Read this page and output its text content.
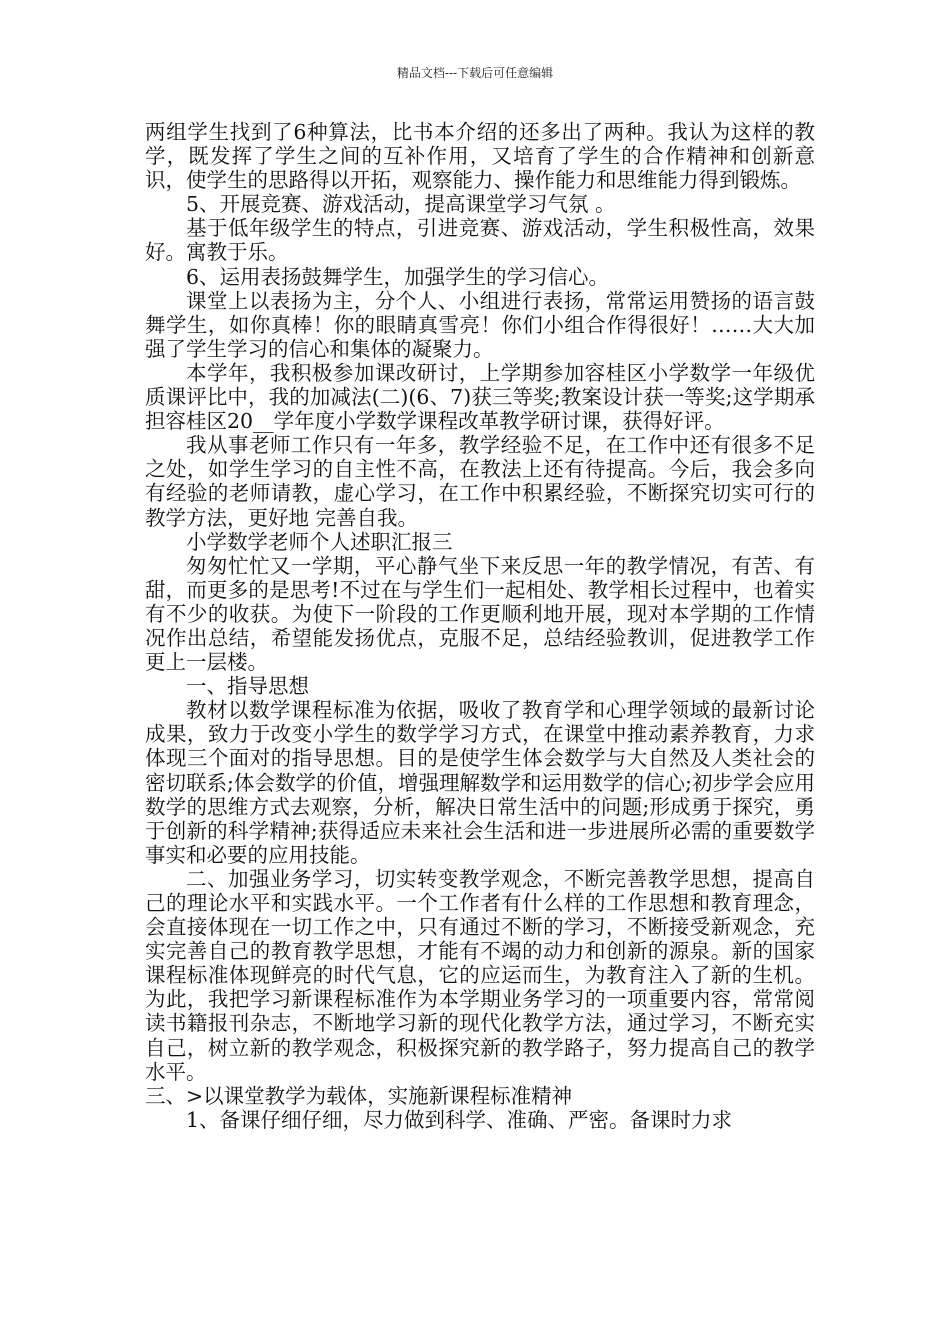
精品文档---下载后可任意编辑

两组学生找到了6种算法，比书本介绍的还多出了两种。我认为这样的教学，既发挥了学生之间的互补作用，又培育了学生的合作精神和创新意识，使学生的思路得以开拓，观察能力、操作能力和思维能力得到锻炼。

5、开展竞赛、游戏活动，提高课堂学习气氛 。

基于低年级学生的特点，引进竞赛、游戏活动，学生积极性高，效果好。寓教于乐。

6、运用表扬鼓舞学生，加强学生的学习信心。

课堂上以表扬为主，分个人、小组进行表扬，常常运用赞扬的语言鼓舞学生，如你真棒！你的眼睛真雪亮！你们小组合作得很好！……大大加强了学生学习的信心和集体的凝聚力。

本学年，我积极参加课改研讨，上学期参加容桂区小学数学一年级优质课评比中，我的加减法(二)(6、7)获三等奖;教案设计获一等奖;这学期承担容桂区20__学年度小学数学课程改革教学研讨课，获得好评。

我从事老师工作只有一年多，教学经验不足，在工作中还有很多不足之处，如学生学习的自主性不高，在教法上还有待提高。今后，我会多向有经验的老师请教，虚心学习，在工作中积累经验，不断探究切实可行的教学方法，更好地 完善自我。

小学数学老师个人述职汇报三

匆匆忙忙又一学期，平心静气坐下来反思一年的教学情况，有苦、有甜，而更多的是思考!不过在与学生们一起相处、教学相长过程中，也着实有不少的收获。为使下一阶段的工作更顺利地开展，现对本学期的工作情况作出总结，希望能发扬优点，克服不足，总结经验教训，促进教学工作更上一层楼。

一、指导思想

教材以数学课程标准为依据，吸收了教育学和心理学领域的最新讨论成果，致力于改变小学生的数学学习方式，在课堂中推动素养教育，力求体现三个面对的指导思想。目的是使学生体会数学与大自然及人类社会的密切联系;体会数学的价值，增强理解数学和运用数学的信心;初步学会应用数学的思维方式去观察，分析，解决日常生活中的问题;形成勇于探究，勇于创新的科学精神;获得适应未来社会生活和进一步进展所必需的重要数学事实和必要的应用技能。

二、加强业务学习，切实转变教学观念，不断完善教学思想，提高自己的理论水平和实践水平。一个工作者有什么样的工作思想和教育理念，会直接体现在一切工作之中，只有通过不断的学习，不断接受新观念，充实完善自己的教育教学思想，才能有不竭的动力和创新的源泉。新的国家课程标准体现鲜亮的时代气息，它的应运而生，为教育注入了新的生机。为此，我把学习新课程标准作为本学期业务学习的一项重要内容，常常阅读书籍报刊杂志，不断地学习新的现代化教学方法，通过学习，不断充实自己，树立新的教学观念，积极探究新的教学路子，努力提高自己的教学水平。

三、>以课堂教学为载体，实施新课程标准精神

1、备课仔细仔细，尽力做到科学、准确、严密。备课时力求
